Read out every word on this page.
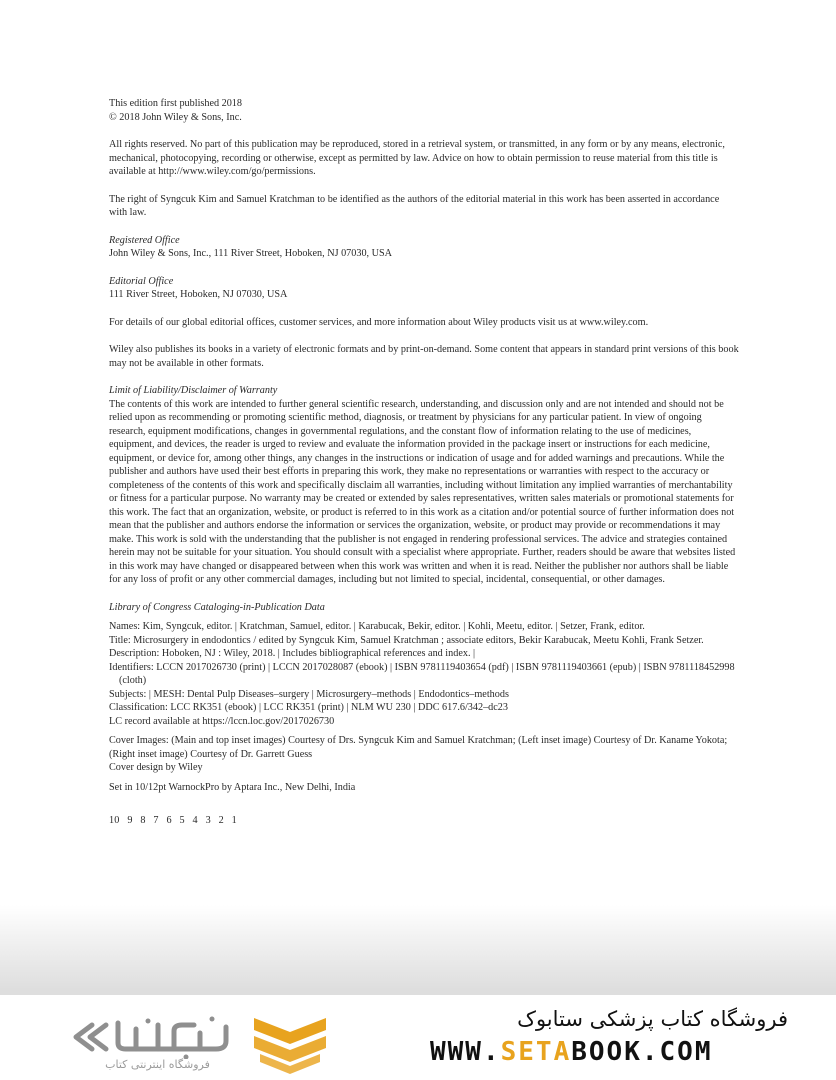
This edition first published 2018

© 2018 John Wiley & Sons, Inc.

All rights reserved. No part of this publication may be reproduced, stored in a retrieval system, or transmitted, in any form or by any means, electronic, mechanical, photocopying, recording or otherwise, except as permitted by law. Advice on how to obtain permission to reuse material from this title is available at http://www.wiley.com/go/permissions.

The right of Syngcuk Kim and Samuel Kratchman to be identified as the authors of the editorial material in this work has been asserted in accordance with law.

Registered Office

John Wiley & Sons, Inc., 111 River Street, Hoboken, NJ 07030, USA

Editorial Office

111 River Street, Hoboken, NJ 07030, USA

For details of our global editorial offices, customer services, and more information about Wiley products visit us at www.wiley.com.

Wiley also publishes its books in a variety of electronic formats and by print-on-demand. Some content that appears in standard print versions of this book may not be available in other formats.

Limit of Liability/Disclaimer of Warranty

The contents of this work are intended to further general scientific research, understanding, and discussion only and are not intended and should not be relied upon as recommending or promoting scientific method, diagnosis, or treatment by physicians for any particular patient. In view of ongoing research, equipment modifications, changes in governmental regulations, and the constant flow of information relating to the use of medicines, equipment, and devices, the reader is urged to review and evaluate the information provided in the package insert or instructions for each medicine, equipment, or device for, among other things, any changes in the instructions or indication of usage and for added warnings and precautions. While the publisher and authors have used their best efforts in preparing this work, they make no representations or warranties with respect to the accuracy or completeness of the contents of this work and specifically disclaim all warranties, including without limitation any implied warranties of merchantability or fitness for a particular purpose. No warranty may be created or extended by sales representatives, written sales materials or promotional statements for this work. The fact that an organization, website, or product is referred to in this work as a citation and/or potential source of further information does not mean that the publisher and authors endorse the information or services the organization, website, or product may provide or recommendations it may make. This work is sold with the understanding that the publisher is not engaged in rendering professional services. The advice and strategies contained herein may not be suitable for your situation. You should consult with a specialist where appropriate. Further, readers should be aware that websites listed in this work may have changed or disappeared between when this work was written and when it is read. Neither the publisher nor authors shall be liable for any loss of profit or any other commercial damages, including but not limited to special, incidental, consequential, or other damages.

Library of Congress Cataloging-in-Publication Data

Names: Kim, Syngcuk, editor. | Kratchman, Samuel, editor. | Karabucak, Bekir, editor. | Kohli, Meetu, editor. | Setzer, Frank, editor.

Title: Microsurgery in endodontics / edited by Syngcuk Kim, Samuel Kratchman ; associate editors, Bekir Karabucak, Meetu Kohli, Frank Setzer.

Description: Hoboken, NJ : Wiley, 2018. | Includes bibliographical references and index. |

Identifiers: LCCN 2017026730 (print) | LCCN 2017028087 (ebook) | ISBN 9781119403654 (pdf) | ISBN 9781119403661 (epub) | ISBN 9781118452998 (cloth)

Subjects: | MESH: Dental Pulp Diseases–surgery | Microsurgery–methods | Endodontics–methods

Classification: LCC RK351 (ebook) | LCC RK351 (print) | NLM WU 230 | DDC 617.6/342–dc23

LC record available at https://lccn.loc.gov/2017026730

Cover Images: (Main and top inset images) Courtesy of Drs. Syngcuk Kim and Samuel Kratchman; (Left inset image) Courtesy of Dr. Kaname Yokota; (Right inset image) Courtesy of Dr. Garrett Guess

Cover design by Wiley

Set in 10/12pt WarnockPro by Aptara Inc., New Delhi, India

10 9 8 7 6 5 4 3 2 1

فروشگاه اینترنتی کتاب
فروشگاه کتاب پزشکی ستابوک
WWW.SETABOOK.COM
